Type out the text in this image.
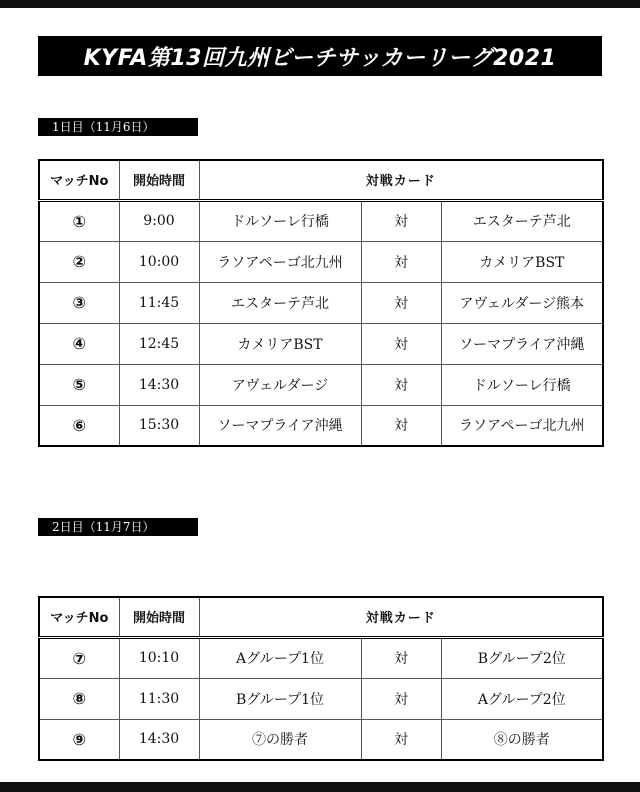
KYFA第13回九州ビーチサッカーリーグ2021
1日目（11月6日）
マッチNo	開始時間	対戦カード		
①	9:00	ドルソーレ行橋	対	エスターテ芦北
②	10:00	ラソアペーゴ北九州	対	カメリアBST
③	11:45	エスターテ芦北	対	アヴェルダージ熊本
④	12:45	カメリアBST	対	ソーマプライア沖縄
⑤	14:30	アヴェルダージ	対	ドルソーレ行橋
⑥	15:30	ソーマプライア沖縄	対	ラソアペーゴ北九州
2日目（11月7日）
マッチNo	開始時間	対戦カード		
⑦	10:10	Aグループ1位	対	Bグループ2位
⑧	11:30	Bグループ1位	対	Aグループ2位
⑨	14:30	⑦の勝者	対	⑧の勝者
